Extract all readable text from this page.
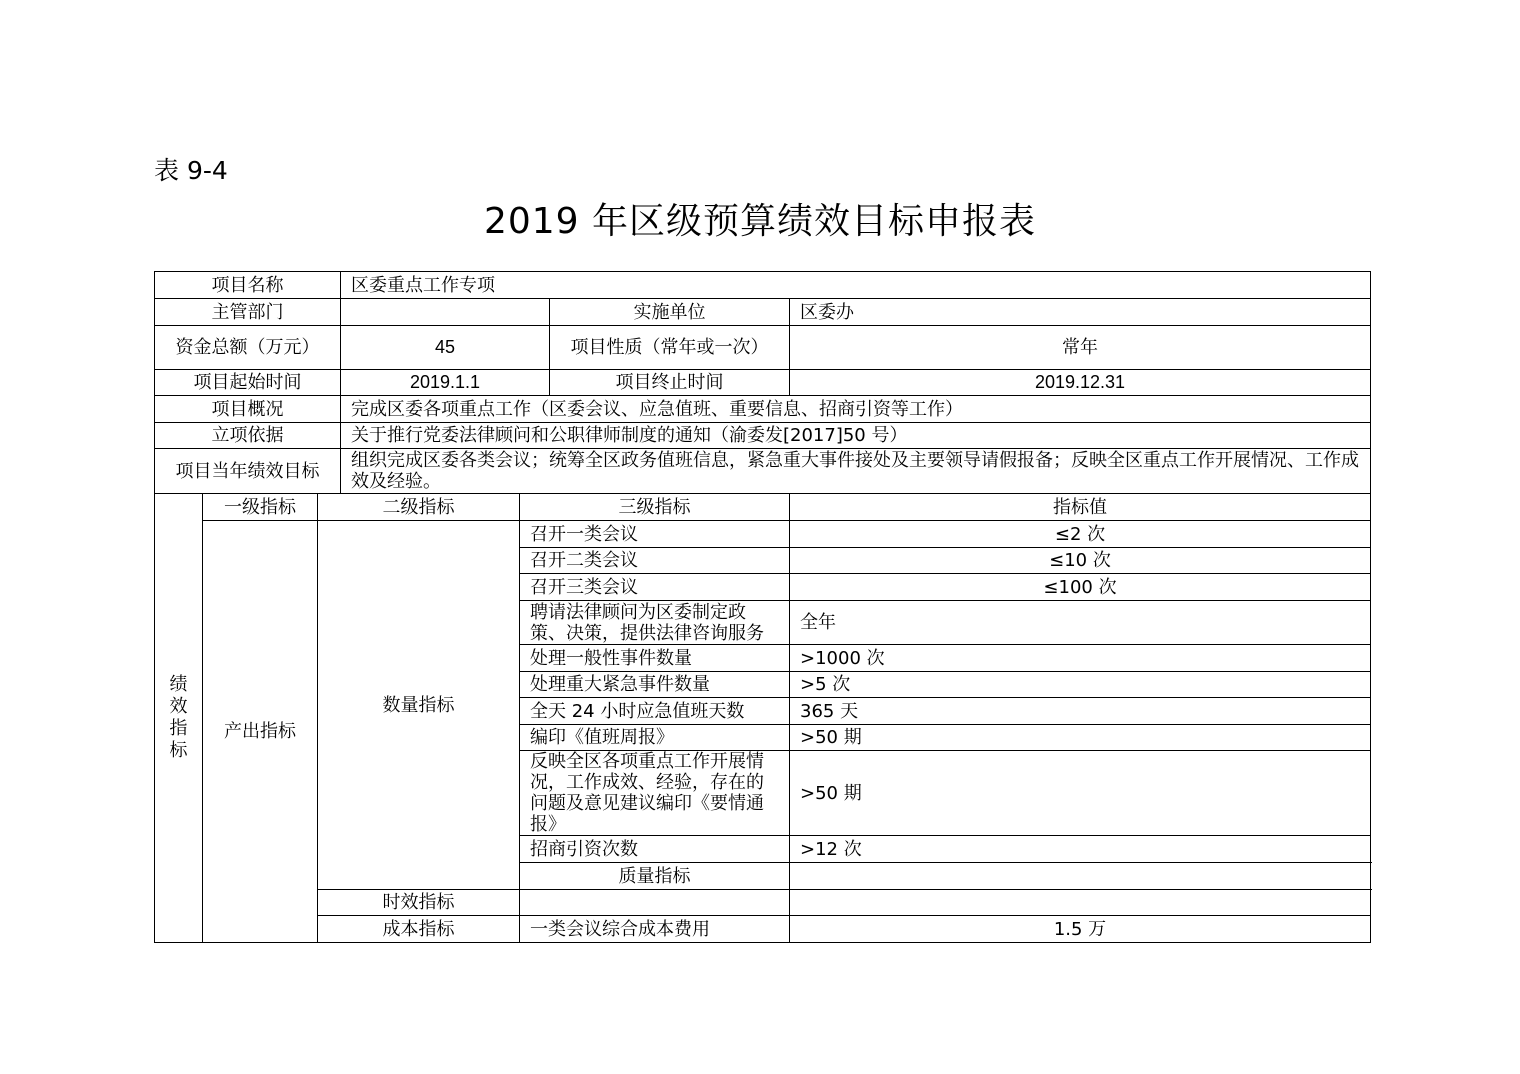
表 9-4
2019 年区级预算绩效目标申报表
项目名称			区委重点工作专项				
主管部门					实施单位	区委办	
资金总额（万元）			45		项目性质（常年或一次）	常年	
项目起始时间			2019.1.1		项目终止时间	2019.12.31	
项目概况			完成区委各项重点工作（区委会议、应急值班、重要信息、招商引资等工作）				
立项依据			关于推行党委法律顾问和公职律师制度的通知（渝委发[2017]50 号）				
项目当年绩效目标			组织完成区委各类会议；统筹全区政务值班信息，紧急重大事件接处及主要领导请假报备；反映全区重点工作开展情况、工作成效及经验。				
绩效指标	一级指标	二级指标		三级指标		指标值	
	产出指标	数量指标		召开一类会议		≤2 次	
				召开二类会议		≤10 次	
				召开三类会议		≤100 次	
				聘请法律顾问为区委制定政策、决策，提供法律咨询服务		全年	
				处理一般性事件数量		>1000 次	
				处理重大紧急事件数量		>5 次	
				全天 24 小时应急值班天数		365 天	
				编印《值班周报》		>50 期	
				反映全区各项重点工作开展情况，工作成效、经验，存在的问题及意见建议编印《要情通报》		>50 期	
				招商引资次数		>12 次	
				质量指标			
		时效指标					
		成本指标		一类会议综合成本费用		1.5 万	
